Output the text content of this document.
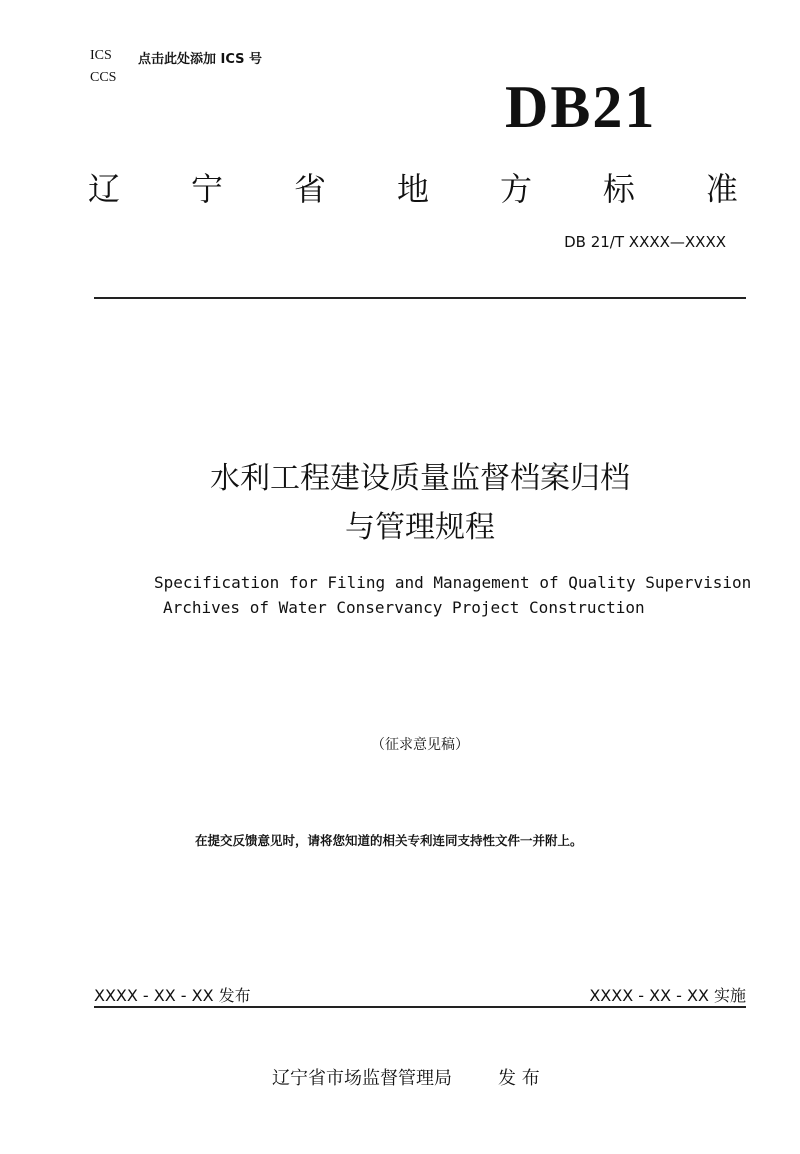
ICS 点击此处添加 ICS 号
CCS	DB21
辽 宁 省 地 方 标 准
DB 21/T XXXX—XXXX
水利工程建设质量监督档案归档
与管理规程
Specification for Filing and Management of Quality Supervision
Archives of Water Conservancy Project Construction
（征求意见稿）
在提交反馈意见时，请将您知道的相关专利连同支持性文件一并附上。
XXXX - XX - XX 发布	XXXX - XX - XX 实施
辽宁省市场监督管理局	发 布
